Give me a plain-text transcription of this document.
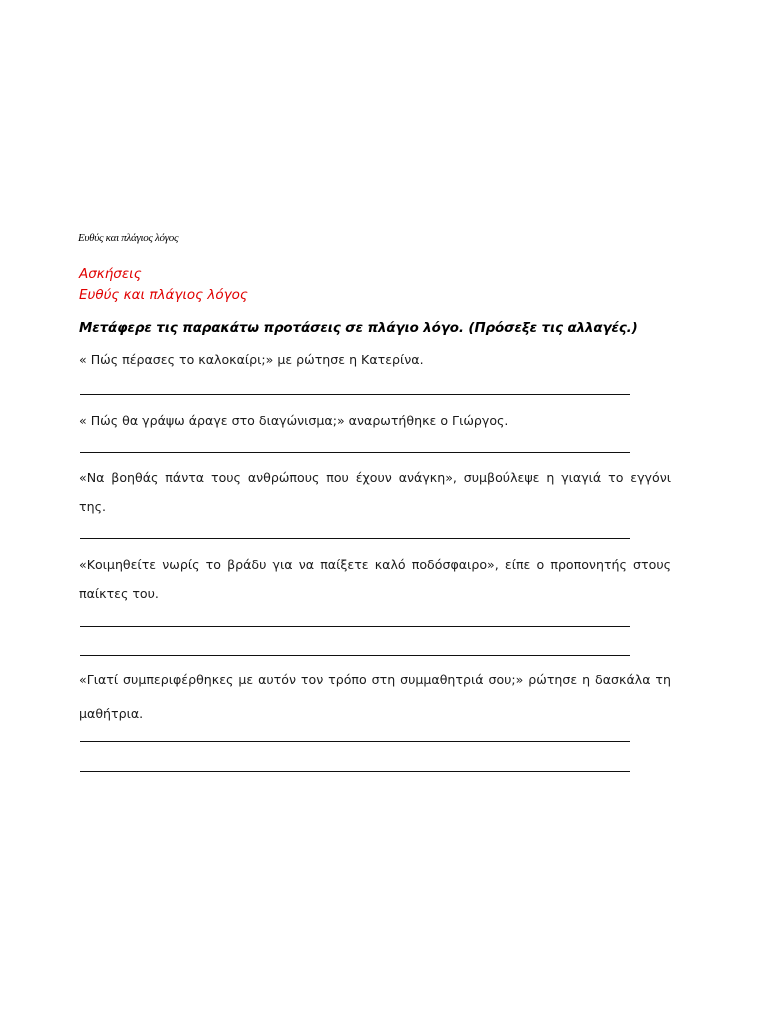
Ευθύς και πλάγιος λόγος
Ασκήσεις
Ευθύς και πλάγιος λόγος
Μετάφερε τις παρακάτω προτάσεις σε πλάγιο λόγο. (Πρόσεξε τις αλλαγές.)
« Πώς πέρασες το καλοκαίρι;» με ρώτησε η Κατερίνα.
« Πώς θα γράψω άραγε στο διαγώνισμα;» αναρωτήθηκε ο Γιώργος.
«Να βοηθάς πάντα τους ανθρώπους που έχουν ανάγκη», συμβούλεψε η γιαγιά το εγγόνι
της.
«Κοιμηθείτε νωρίς το βράδυ για να παίξετε καλό ποδόσφαιρο», είπε ο προπονητής στους
παίκτες του.
«Γιατί συμπεριφέρθηκες με αυτόν τον τρόπο στη συμμαθητριά σου;» ρώτησε η δασκάλα τη
μαθήτρια.
